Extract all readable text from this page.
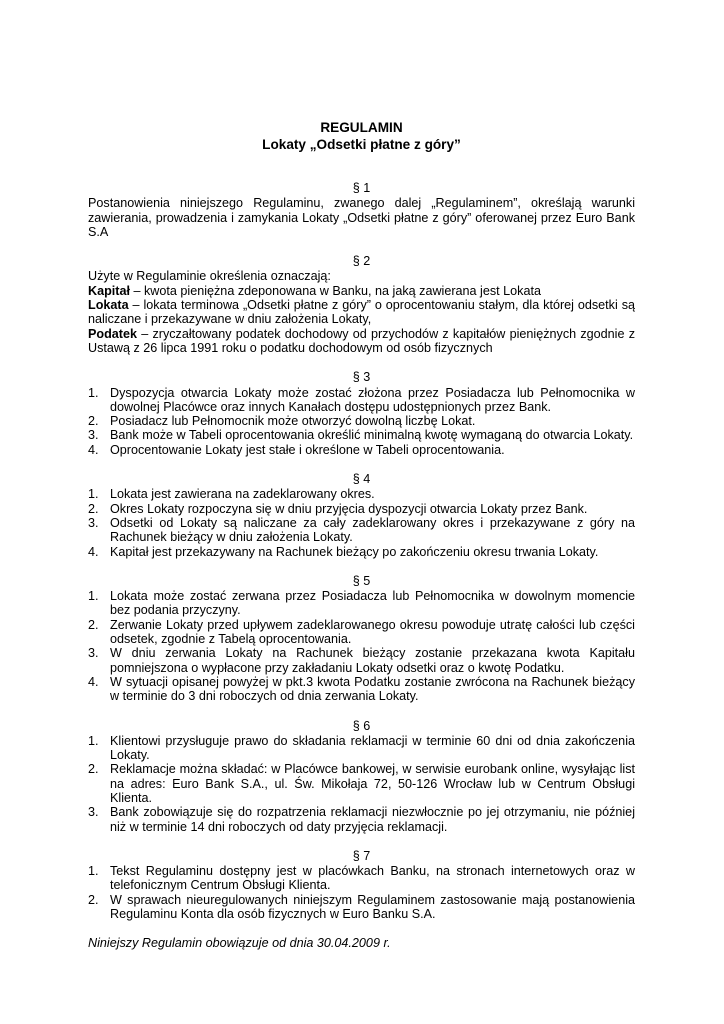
REGULAMIN
Lokaty „Odsetki płatne z góry”
§ 1

Postanowienia niniejszego Regulaminu, zwanego dalej „Regulaminem”, określają warunki zawierania, prowadzenia i zamykania Lokaty „Odsetki płatne z góry” oferowanej przez Euro Bank S.A

§ 2

Użyte w Regulaminie określenia oznaczają:

Kapitał – kwota pieniężna zdeponowana w Banku, na jaką zawierana jest Lokata

Lokata – lokata terminowa „Odsetki płatne z góry” o oprocentowaniu stałym, dla której odsetki są naliczane i przekazywane w dniu założenia Lokaty,

Podatek – zryczałtowany podatek dochodowy od przychodów z kapitałów pieniężnych zgodnie z Ustawą z 26 lipca 1991 roku o podatku dochodowym od osób fizycznych

§ 3
1. Dyspozycja otwarcia Lokaty może zostać złożona przez Posiadacza lub Pełnomocnika w dowolnej Placówce oraz innych Kanałach dostępu udostępnionych przez Bank.
2. Posiadacz lub Pełnomocnik może otworzyć dowolną liczbę Lokat.
3. Bank może w Tabeli oprocentowania określić minimalną kwotę wymaganą do otwarcia Lokaty.
4. Oprocentowanie Lokaty jest stałe i określone w Tabeli oprocentowania.
§ 4
1. Lokata jest zawierana na zadeklarowany okres.
2. Okres Lokaty rozpoczyna się w dniu przyjęcia dyspozycji otwarcia Lokaty przez Bank.
3. Odsetki od Lokaty są naliczane za cały zadeklarowany okres i przekazywane z góry na Rachunek bieżący w dniu założenia Lokaty.
4. Kapitał jest przekazywany na Rachunek bieżący po zakończeniu okresu trwania Lokaty.
§ 5
1. Lokata może zostać zerwana przez Posiadacza lub Pełnomocnika w dowolnym momencie bez podania przyczyny.
2. Zerwanie Lokaty przed upływem zadeklarowanego okresu powoduje utratę całości lub części odsetek, zgodnie z Tabelą oprocentowania.
3. W dniu zerwania Lokaty na Rachunek bieżący zostanie przekazana kwota Kapitału pomniejszona o wypłacone przy zakładaniu Lokaty odsetki oraz o kwotę Podatku.
4. W sytuacji opisanej powyżej w pkt.3 kwota Podatku zostanie zwrócona na Rachunek bieżący w terminie do 3 dni roboczych od dnia zerwania Lokaty.
§ 6
1. Klientowi przysługuje prawo do składania reklamacji w terminie 60 dni od dnia zakończenia Lokaty.
2. Reklamacje można składać: w Placówce bankowej, w serwisie eurobank online, wysyłając list na adres: Euro Bank S.A., ul. Św. Mikołaja 72, 50-126 Wrocław lub w Centrum Obsługi Klienta.
3. Bank zobowiązuje się do rozpatrzenia reklamacji niezwłocznie po jej otrzymaniu, nie później niż w terminie 14 dni roboczych od daty przyjęcia reklamacji.
§ 7
1. Tekst Regulaminu dostępny jest w placówkach Banku, na stronach internetowych oraz w telefonicznym Centrum Obsługi Klienta.
2. W sprawach nieuregulowanych niniejszym Regulaminem zastosowanie mają postanowienia Regulaminu Konta dla osób fizycznych w Euro Banku S.A.

Niniejszy Regulamin obowiązuje od dnia 30.04.2009 r.
